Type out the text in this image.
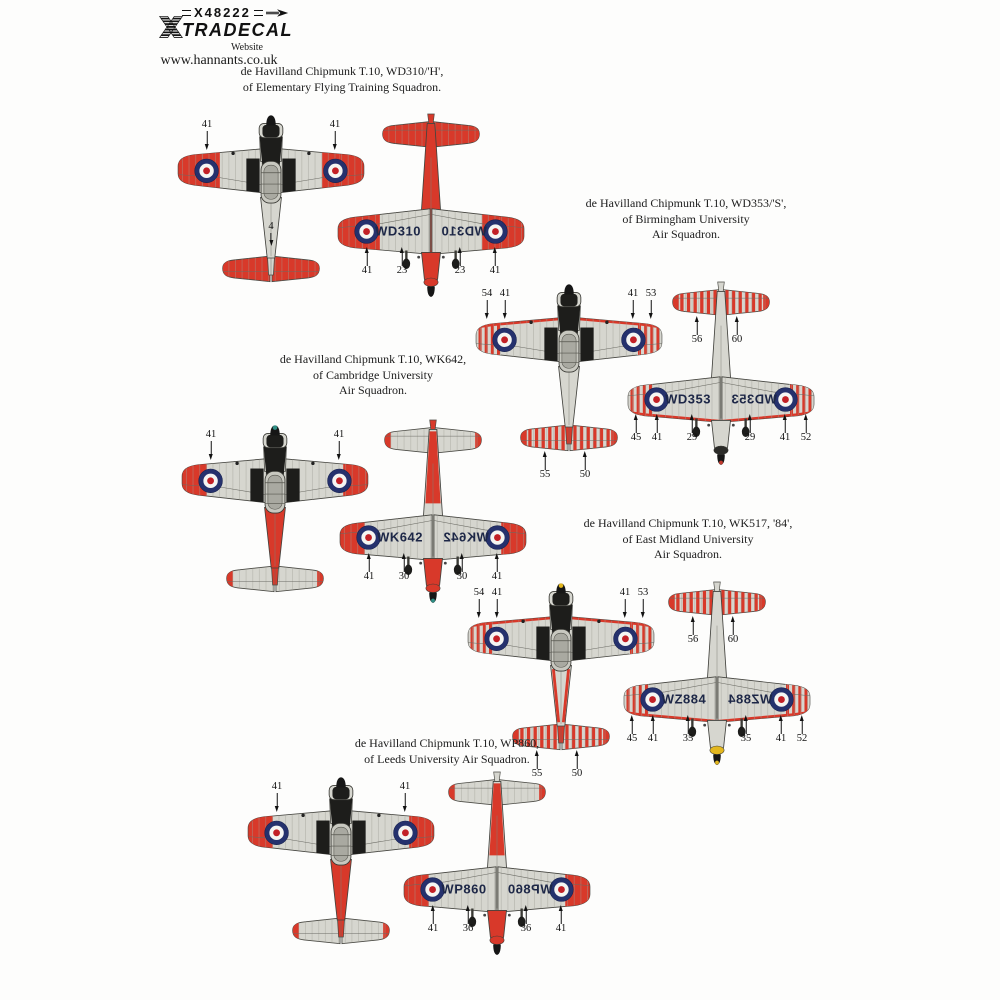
X48222
TRADECAL
Website
www.hannants.co.uk
de Havilland Chipmunk T.10, WD310/'H',
of Elementary Flying Training Squadron.
WD310 WD310
41	41
4
41 23	23 41
de Havilland Chipmunk T.10, WD353/'S',
of Birmingham University
Air Squadron.
WD353 WD353
54 41	41 53
55	50
56	60
45 41 29	29 41 52
de Havilland Chipmunk T.10, WK642,
of Cambridge University
Air Squadron.
WK642 WK642
41	41
41 30	30 41
de Havilland Chipmunk T.10, WK517, '84',
of East Midland University
Air Squadron.
WZ884 WZ884
54 41	41 53
55	50
56	60
45 41 35	35 41 52
de Havilland Chipmunk T.10, WP860,
of Leeds University Air Squadron.
WP860 WP860
41	41
41 36	36 41
